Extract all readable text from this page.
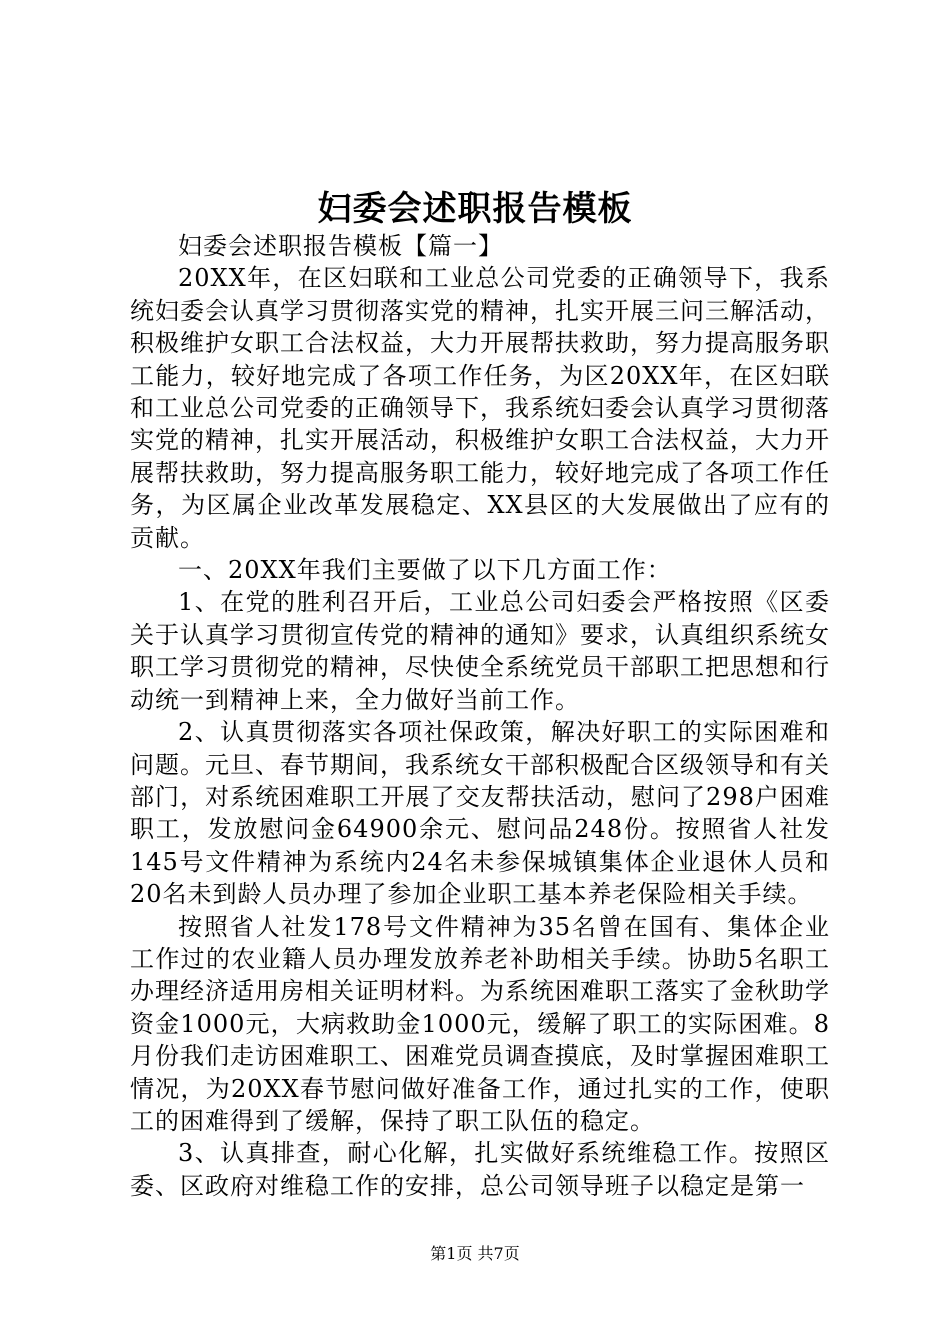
妇委会述职报告模板

妇委会述职报告模板【篇一】

20XX年，在区妇联和工业总公司党委的正确领导下，我系统妇委会认真学习贯彻落实党的精神，扎实开展三问三解活动，积极维护女职工合法权益，大力开展帮扶救助，努力提高服务职工能力，较好地完成了各项工作任务，为区20XX年，在区妇联和工业总公司党委的正确领导下，我系统妇委会认真学习贯彻落实党的精神，扎实开展活动，积极维护女职工合法权益，大力开展帮扶救助，努力提高服务职工能力，较好地完成了各项工作任务，为区属企业改革发展稳定、XX县区的大发展做出了应有的贡献。

一、20XX年我们主要做了以下几方面工作：

1、在党的胜利召开后，工业总公司妇委会严格按照《区委关于认真学习贯彻宣传党的精神的通知》要求，认真组织系统女职工学习贯彻党的精神，尽快使全系统党员干部职工把思想和行动统一到精神上来，全力做好当前工作。

2、认真贯彻落实各项社保政策，解决好职工的实际困难和问题。元旦、春节期间，我系统女干部积极配合区级领导和有关部门，对系统困难职工开展了交友帮扶活动，慰问了298户困难职工，发放慰问金64900余元、慰问品248份。按照省人社发145号文件精神为系统内24名未参保城镇集体企业退休人员和20名未到龄人员办理了参加企业职工基本养老保险相关手续。

按照省人社发178号文件精神为35名曾在国有、集体企业工作过的农业籍人员办理发放养老补助相关手续。协助5名职工办理经济适用房相关证明材料。为系统困难职工落实了金秋助学资金1000元，大病救助金1000元，缓解了职工的实际困难。8月份我们走访困难职工、困难党员调查摸底，及时掌握困难职工情况，为20XX春节慰问做好准备工作，通过扎实的工作，使职工的困难得到了缓解，保持了职工队伍的稳定。

3、认真排查，耐心化解，扎实做好系统维稳工作。按照区委、区政府对维稳工作的安排，总公司领导班子以稳定是第一

第1页 共7页
